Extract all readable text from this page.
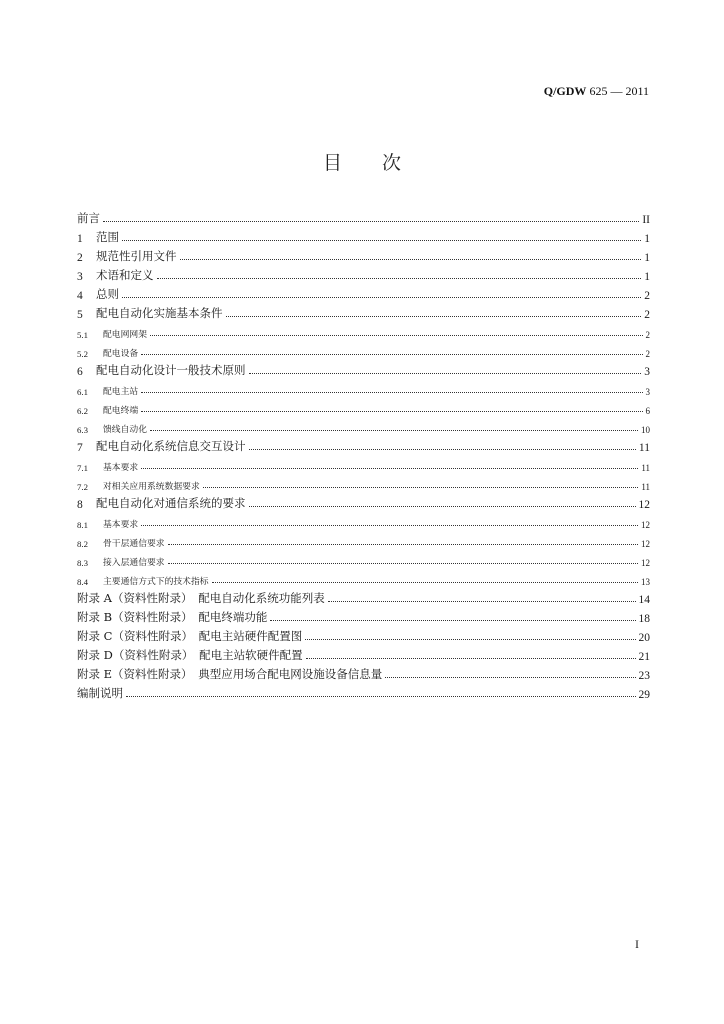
Q/GDW 625 — 2011
目次
前言	II
1	范围	1
2	规范性引用文件	1
3	术语和定义	1
4	总则	2
5	配电自动化实施基本条件	2
5.1	配电网网架	2
5.2	配电设备	2
6	配电自动化设计一般技术原则	3
6.1	配电主站	3
6.2	配电终端	6
6.3	馈线自动化	10
7	配电自动化系统信息交互设计	11
7.1	基本要求	11
7.2	对相关应用系统数据要求	11
8	配电自动化对通信系统的要求	12
8.1	基本要求	12
8.2	骨干层通信要求	12
8.3	接入层通信要求	12
8.4	主要通信方式下的技术指标	13
附录 A（资料性附录）　配电自动化系统功能列表	14
附录 B（资料性附录）　配电终端功能	18
附录 C（资料性附录）　配电主站硬件配置图	20
附录 D（资料性附录）　配电主站软硬件配置	21
附录 E（资料性附录）　典型应用场合配电网设施设备信息量	23
编制说明	29
I
